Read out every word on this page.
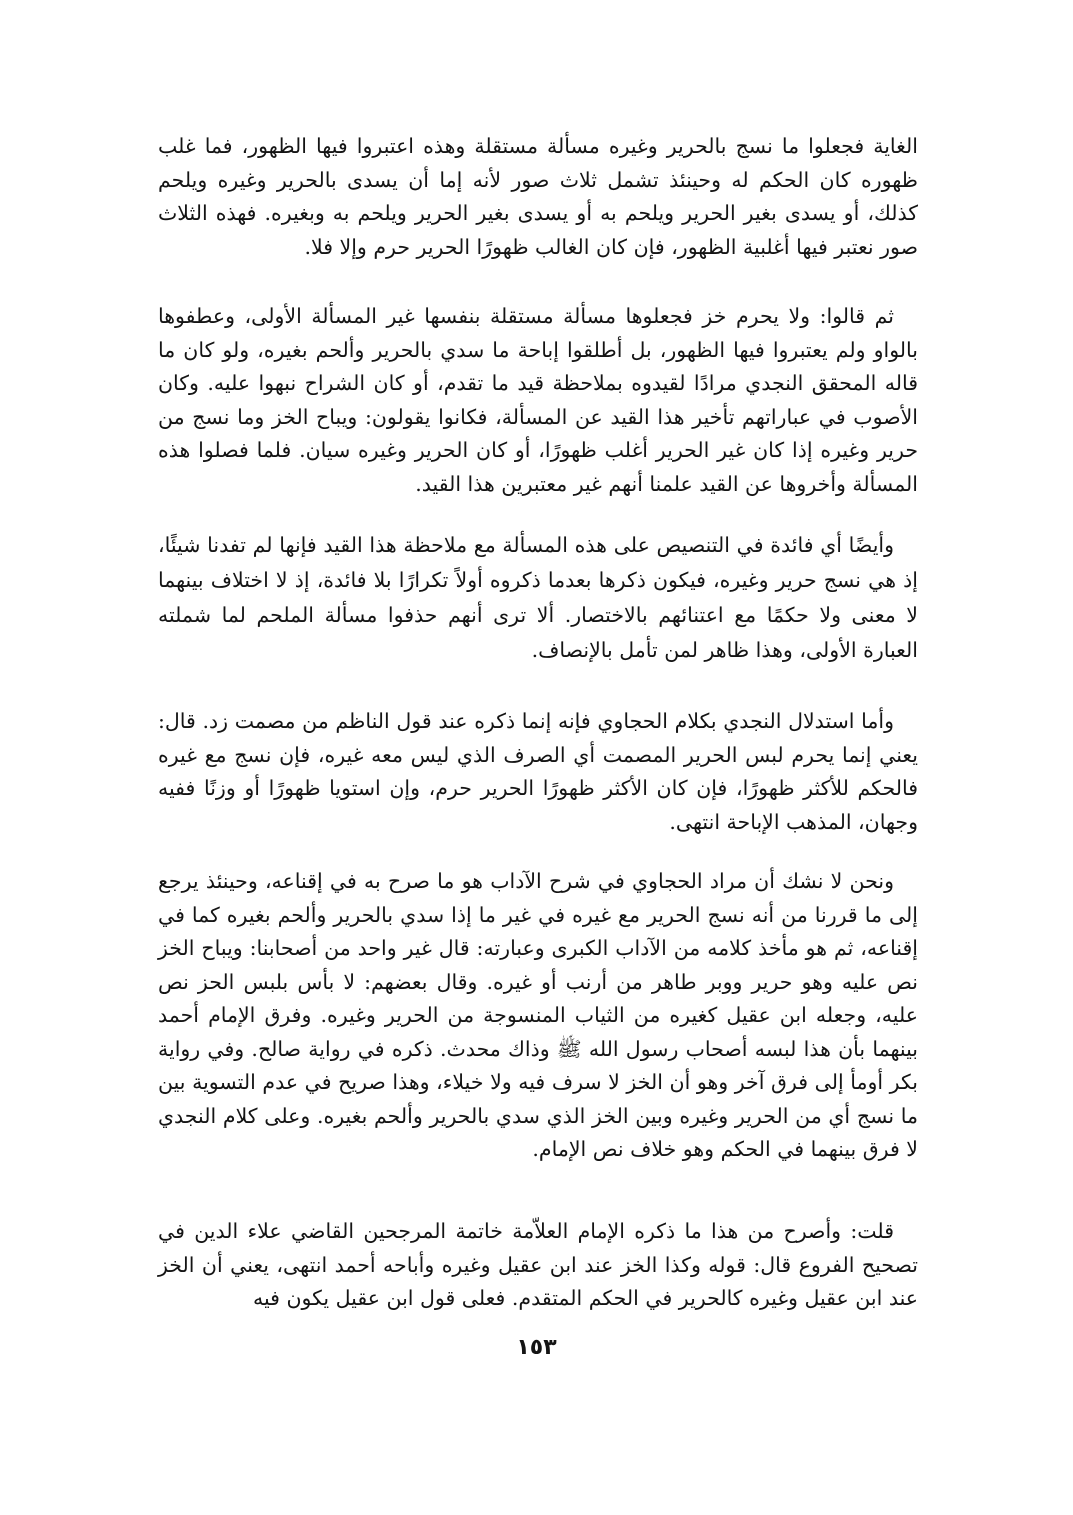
الغاية فجعلوا ما نسج بالحرير وغيره مسألة مستقلة وهذه اعتبروا فيها الظهور، فما غلب ظهوره كان الحكم له وحينئذ تشمل ثلاث صور لأنه إما أن يسدى بالحرير وغيره ويلحم كذلك، أو يسدى بغير الحرير ويلحم به أو يسدى بغير الحرير ويلحم به وبغيره. فهذه الثلاث صور نعتبر فيها أغلبية الظهور، فإن كان الغالب ظهورًا الحرير حرم وإلا فلا.

ثم قالوا: ولا يحرم خز فجعلوها مسألة مستقلة بنفسها غير المسألة الأولى، وعطفوها بالواو ولم يعتبروا فيها الظهور، بل أطلقوا إباحة ما سدي بالحرير وألحم بغيره، ولو كان ما قاله المحقق النجدي مرادًا لقيدوه بملاحظة قيد ما تقدم، أو كان الشراح نبهوا عليه. وكان الأصوب في عباراتهم تأخير هذا القيد عن المسألة، فكانوا يقولون: ويباح الخز وما نسج من حرير وغيره إذا كان غير الحرير أغلب ظهورًا، أو كان الحرير وغيره سيان. فلما فصلوا هذه المسألة وأخروها عن القيد علمنا أنهم غير معتبرين هذا القيد.

وأيضًا أي فائدة في التنصيص على هذه المسألة مع ملاحظة هذا القيد فإنها لم تفدنا شيئًا، إذ هي نسج حرير وغيره، فيكون ذكرها بعدما ذكروه أولاً تكرارًا بلا فائدة، إذ لا اختلاف بينهما لا معنى ولا حكمًا مع اعتنائهم بالاختصار. ألا ترى أنهم حذفوا مسألة الملحم لما شملته العبارة الأولى، وهذا ظاهر لمن تأمل بالإنصاف.

وأما استدلال النجدي بكلام الحجاوي فإنه إنما ذكره عند قول الناظم من مصمت زد. قال: يعني إنما يحرم لبس الحرير المصمت أي الصرف الذي ليس معه غيره، فإن نسج مع غيره فالحكم للأكثر ظهورًا، فإن كان الأكثر ظهورًا الحرير حرم، وإن استويا ظهورًا أو وزنًا ففيه وجهان، المذهب الإباحة انتهى.

ونحن لا نشك أن مراد الحجاوي في شرح الآداب هو ما صرح به في إقناعه، وحينئذ يرجع إلى ما قررنا من أنه نسج الحرير مع غيره في غير ما إذا سدي بالحرير وألحم بغيره كما في إقناعه، ثم هو مأخذ كلامه من الآداب الكبرى وعبارته: قال غير واحد من أصحابنا: ويباح الخز نص عليه وهو حرير ووبر طاهر من أرنب أو غيره. وقال بعضهم: لا بأس بلبس الحز نص عليه، وجعله ابن عقيل كغيره من الثياب المنسوجة من الحرير وغيره. وفرق الإمام أحمد بينهما بأن هذا لبسه أصحاب رسول الله ﷺ وذاك محدث. ذكره في رواية صالح. وفي رواية بكر أومأ إلى فرق آخر وهو أن الخز لا سرف فيه ولا خيلاء، وهذا صريح في عدم التسوية بين ما نسج أي من الحرير وغيره وبين الخز الذي سدي بالحرير وألحم بغيره. وعلى كلام النجدي لا فرق بينهما في الحكم وهو خلاف نص الإمام.

قلت: وأصرح من هذا ما ذكره الإمام العلاّمة خاتمة المرجحين القاضي علاء الدين في تصحيح الفروع قال: قوله وكذا الخز عند ابن عقيل وغيره وأباحه أحمد انتهى، يعني أن الخز عند ابن عقيل وغيره كالحرير في الحكم المتقدم. فعلى قول ابن عقيل يكون فيه

١٥٣
